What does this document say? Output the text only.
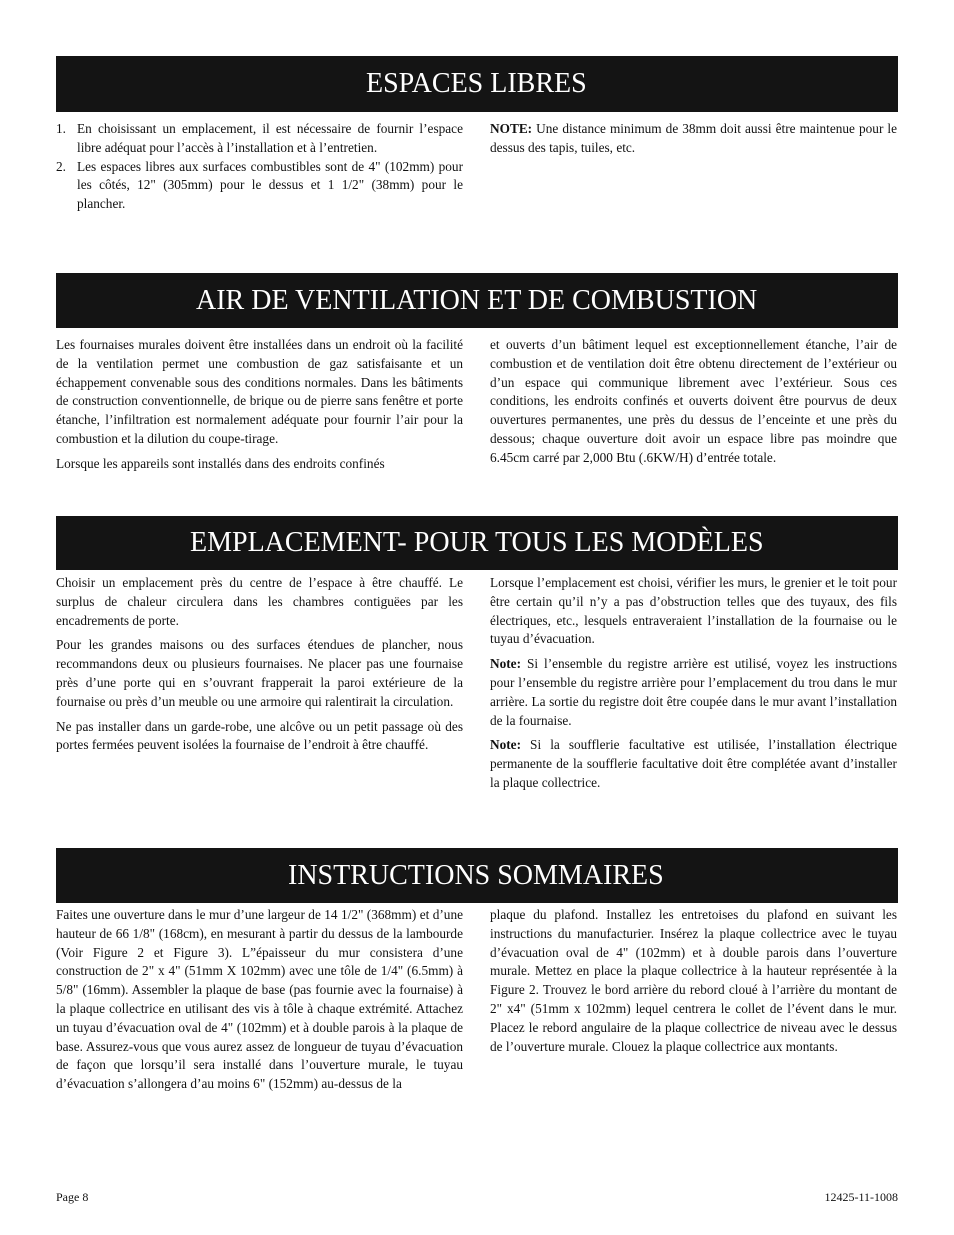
ESPACES LIBRES

1. En choisissant un emplacement, il est nécessaire de fournir l’espace libre adéquat pour l’accès à l’installation et à l’entretien.

2. Les espaces libres aux surfaces combustibles sont de 4" (102mm) pour les côtés, 12" (305mm) pour le dessus et 1 1/2" (38mm) pour le plancher.

NOTE: Une distance minimum de 38mm doit aussi être maintenue pour le dessus des tapis, tuiles, etc.

AIR DE VENTILATION ET DE COMBUSTION

Les fournaises murales doivent être installées dans un endroit où la facilité de la ventilation permet une combustion de gaz satisfaisante et un échappement convenable sous des conditions normales. Dans les bâtiments de construction conventionnelle, de brique ou de pierre sans fenêtre et porte étanche, l’infiltration est normalement adéquate pour fournir l’air pour la combustion et la dilution du coupe-tirage.

Lorsque les appareils sont installés dans des endroits confinés

et ouverts d’un bâtiment lequel est exceptionnellement étanche, l’air de combustion et de ventilation doit être obtenu directement de l’extérieur ou d’un espace qui communique librement avec l’extérieur. Sous ces conditions, les endroits confinés et ouverts doivent être pourvus de deux ouvertures permanentes, une près du dessus de l’enceinte et une près du dessous; chaque ouverture doit avoir un espace libre pas moindre que 6.45cm carré par 2,000 Btu (.6KW/H) d’entrée totale.

EMPLACEMENT- POUR TOUS LES MODÈLES

Choisir un emplacement près du centre de l’espace à être chauffé. Le surplus de chaleur circulera dans les chambres contiguëes par les encadrements de porte.

Pour les grandes maisons ou des surfaces étendues de plancher, nous recommandons deux ou plusieurs fournaises. Ne placer pas une fournaise près d’une porte qui en s’ouvrant frapperait la paroi extérieure de la fournaise ou près d’un meuble ou une armoire qui ralentirait la circulation.

Ne pas installer dans un garde-robe, une alcôve ou un petit passage où des portes fermées peuvent isolées la fournaise de l’endroit à être chauffé.

Lorsque l’emplacement est choisi, vérifier les murs, le grenier et le toit pour être certain qu’il n’y a pas d’obstruction telles que des tuyaux, des fils électriques, etc., lesquels entraveraient l’installation de la fournaise ou le tuyau d’évacuation.

Note: Si l’ensemble du registre arrière est utilisé, voyez les instructions pour l’ensemble du registre arrière pour l’emplacement du trou dans le mur arrière. La sortie du registre doit être coupée dans le mur avant l’installation de la fournaise.

Note: Si la soufflerie facultative est utilisée, l’installation électrique permanente de la soufflerie facultative doit être complétée avant d’installer la plaque collectrice.

INSTRUCTIONS SOMMAIRES

Faites une ouverture dans le mur d’une largeur de 14 1/2" (368mm) et d’une hauteur de 66 1/8" (168cm), en mesurant à partir du dessus de la lambourde (Voir Figure 2 et Figure 3). L”épaisseur du mur consistera d’une construction de 2" x 4" (51mm X 102mm) avec une tôle de 1/4" (6.5mm) à 5/8" (16mm). Assembler la plaque de base (pas fournie avec la fournaise) à la plaque collectrice en utilisant des vis à tôle à chaque extrémité. Attachez un tuyau d’évacuation oval de 4" (102mm) et à double parois à la plaque de base. Assurez-vous que vous aurez assez de longueur de tuyau d’évacuation de façon que lorsqu’il sera installé dans l’ouverture murale, le tuyau d’évacuation s’allongera d’au moins 6" (152mm) au-dessus de la

plaque du plafond. Installez les entretoises du plafond en suivant les instructions du manufacturier. Insérez la plaque collectrice avec le tuyau d’évacuation oval de 4" (102mm) et à double parois dans l’ouverture murale. Mettez en place la plaque collectrice à la hauteur représentée à la Figure 2. Trouvez le bord arrière du rebord cloué à l’arrière du montant de 2" x4" (51mm x 102mm) lequel centrera le collet de l’évent dans le mur. Placez le rebord angulaire de la plaque collectrice de niveau avec le dessus de l’ouverture murale. Clouez la plaque collectrice aux montants.

Page 8	12425-11-1008
